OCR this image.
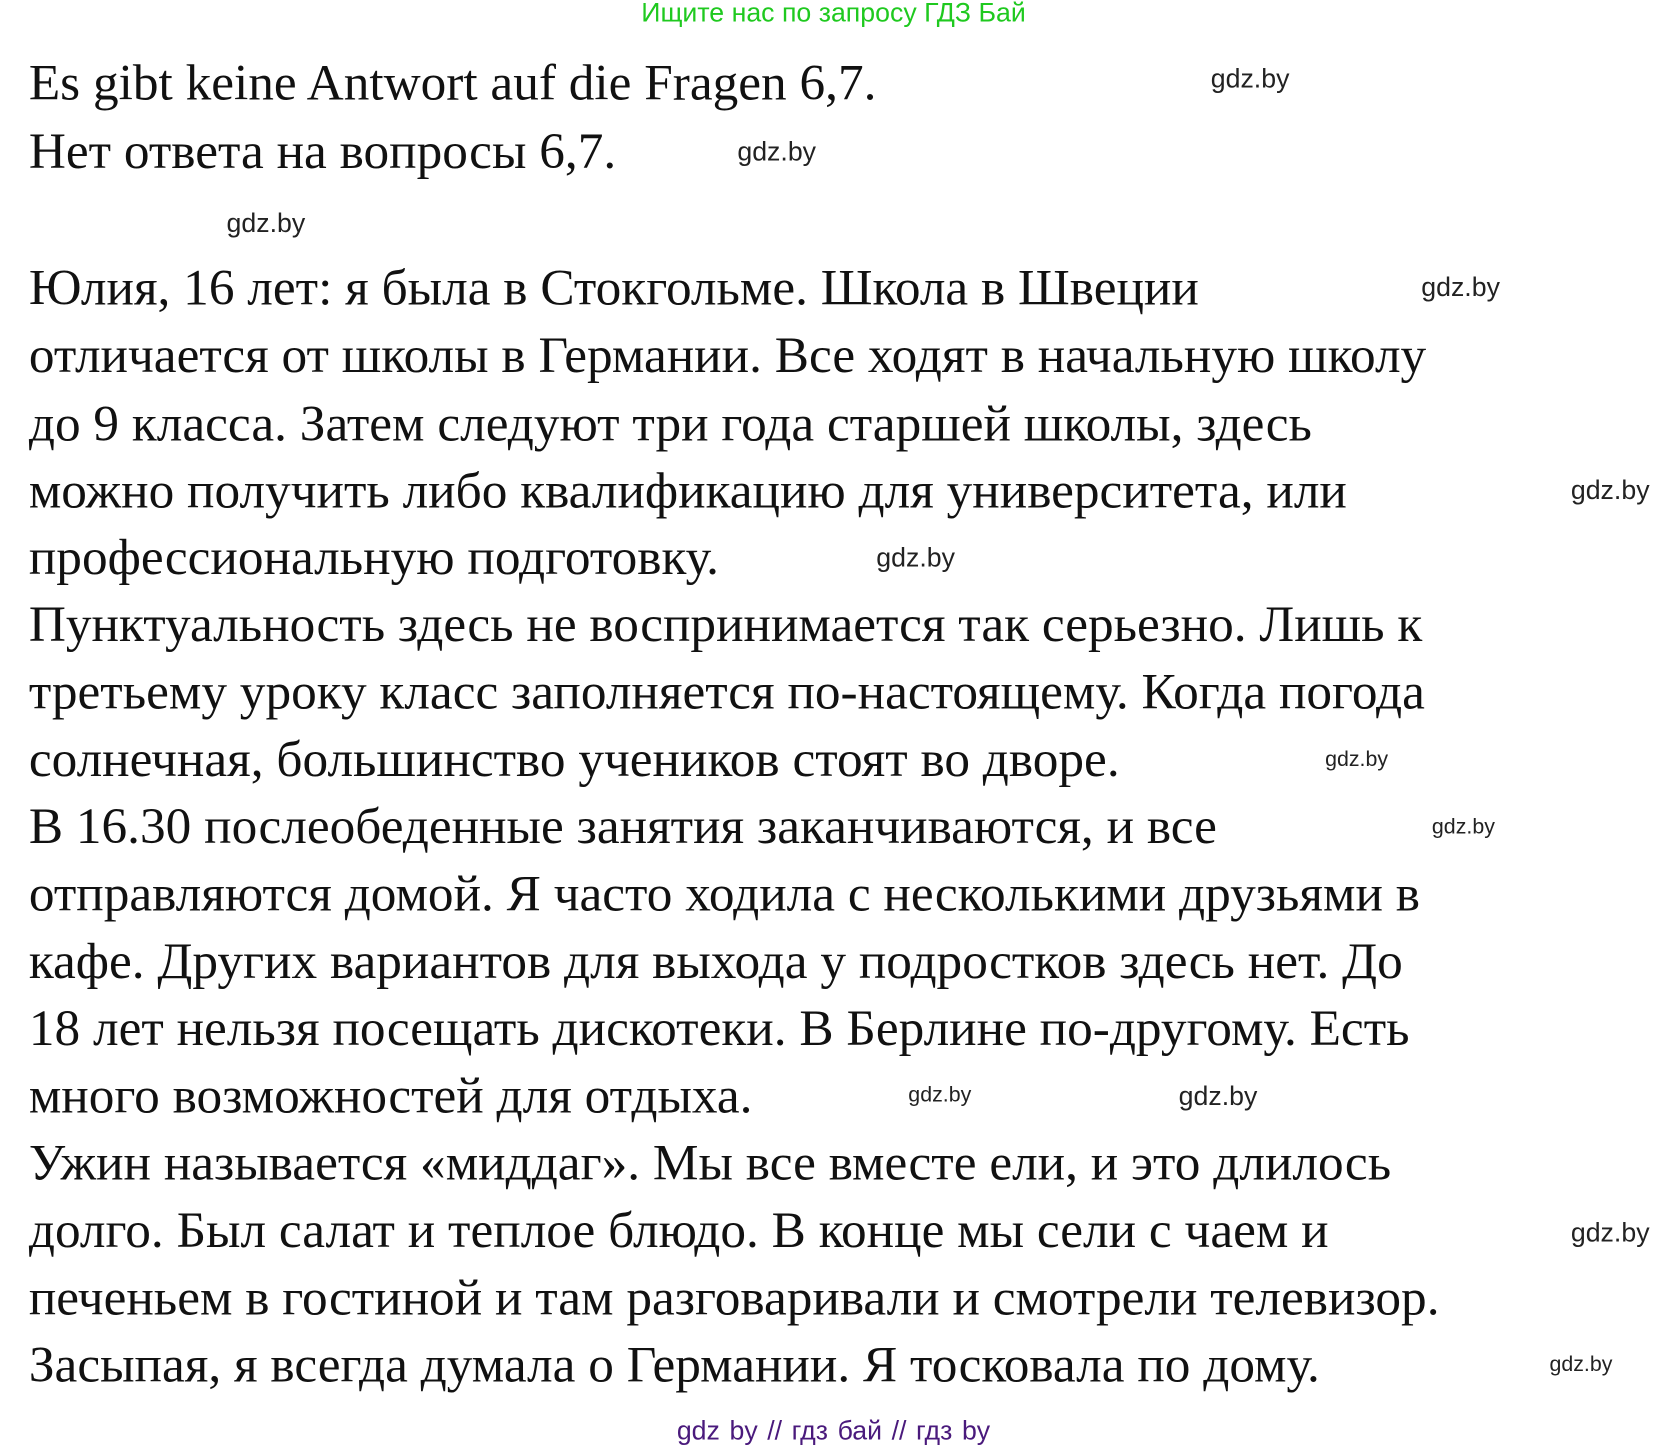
Ищите нас по запросу ГДЗ Бай
Es gibt keine Antwort auf die Fragen 6,7.
Нет ответа на вопросы 6,7.
Юлия, 16 лет: я была в Стокгольме. Школа в Швеции
отличается от школы в Германии. Все ходят в начальную школу
до 9 класса. Затем следуют три года старшей школы, здесь
можно получить либо квалификацию для университета, или
профессиональную подготовку.
Пунктуальность здесь не воспринимается так серьезно. Лишь к
третьему уроку класс заполняется по-настоящему. Когда погода
солнечная, большинство учеников стоят во дворе.
В 16.30 послеобеденные занятия заканчиваются, и все
отправляются домой. Я часто ходила с несколькими друзьями в
кафе. Других вариантов для выхода у подростков здесь нет. До
18 лет нельзя посещать дискотеки. В Берлине по-другому. Есть
много возможностей для отдыха.
Ужин называется «миддаг». Мы все вместе ели, и это длилось
долго. Был салат и теплое блюдо. В конце мы сели с чаем и
печеньем в гостиной и там разговаривали и смотрели телевизор.
Засыпая, я всегда думала о Германии. Я тосковала по дому.
gdz.by
gdz.by
gdz.by
gdz.by
gdz.by
gdz.by
gdz.by
gdz.by
gdz.by	gdz.by
gdz.by
gdz.by
gdz by // гдз бай // гдз by
